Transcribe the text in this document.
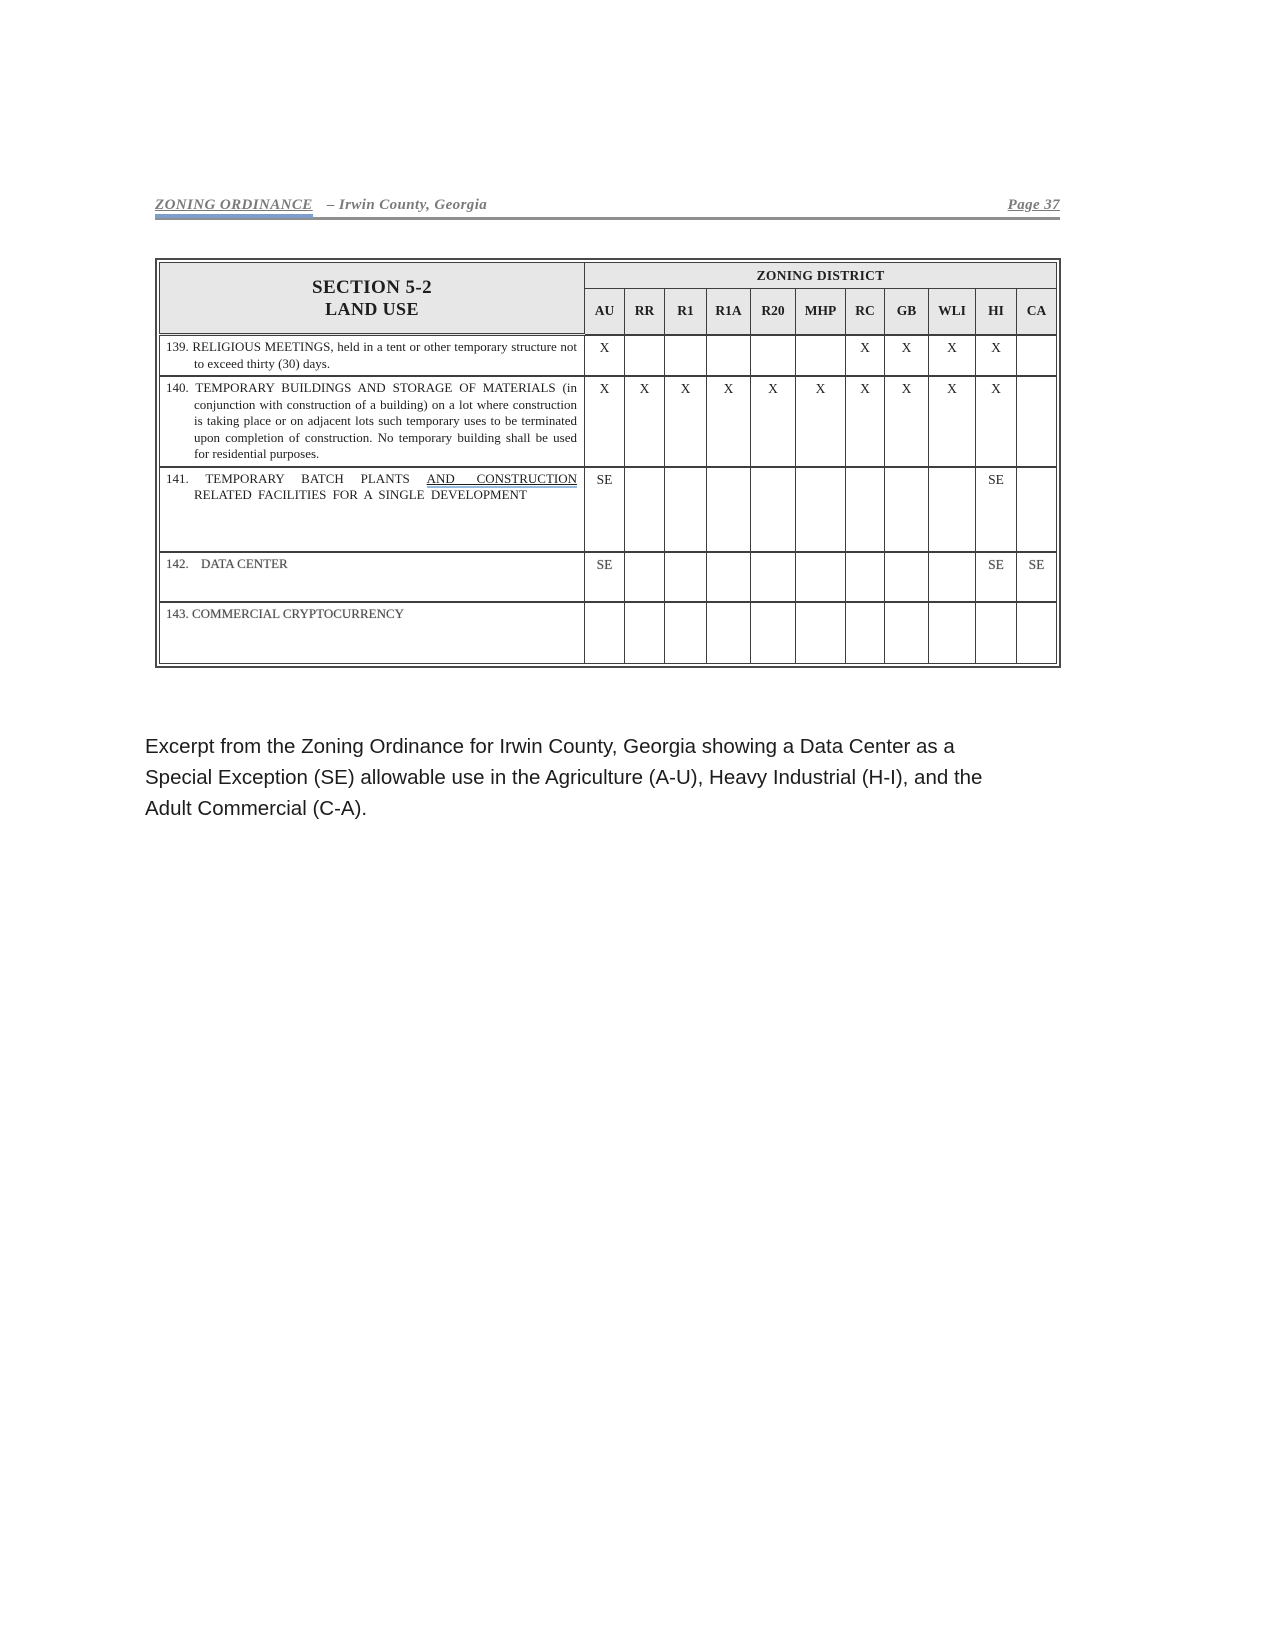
ZONING ORDINANCE – Irwin County, Georgia	Page 37
SECTION 5-2
LAND USE	ZONING DISTRICT										
	AU	RR	R1	R1A	R20	MHP	RC	GB	WLI	HI	CA

139. RELIGIOUS MEETINGS, held in a tent or other temporary structure not to exceed thirty (30) days.	X						X	X	X	X	

140. TEMPORARY BUILDINGS AND STORAGE OF MATERIALS (in conjunction with construction of a building) on a lot where construction is taking place or on adjacent lots such temporary uses to be terminated upon completion of construction. No temporary building shall be used for residential purposes.	X	X	X	X	X	X	X	X	X	X	

141. TEMPORARY BATCH PLANTS AND CONSTRUCTION RELATED FACILITIES FOR A SINGLE DEVELOPMENT	SE									SE	

142. DATA CENTER	SE									SE	SE

143. COMMERCIAL CRYPTOCURRENCY											

Excerpt from the Zoning Ordinance for Irwin County, Georgia showing a Data Center as a
Special Exception (SE) allowable use in the Agriculture (A-U), Heavy Industrial (H-I), and the
Adult Commercial (C-A).
